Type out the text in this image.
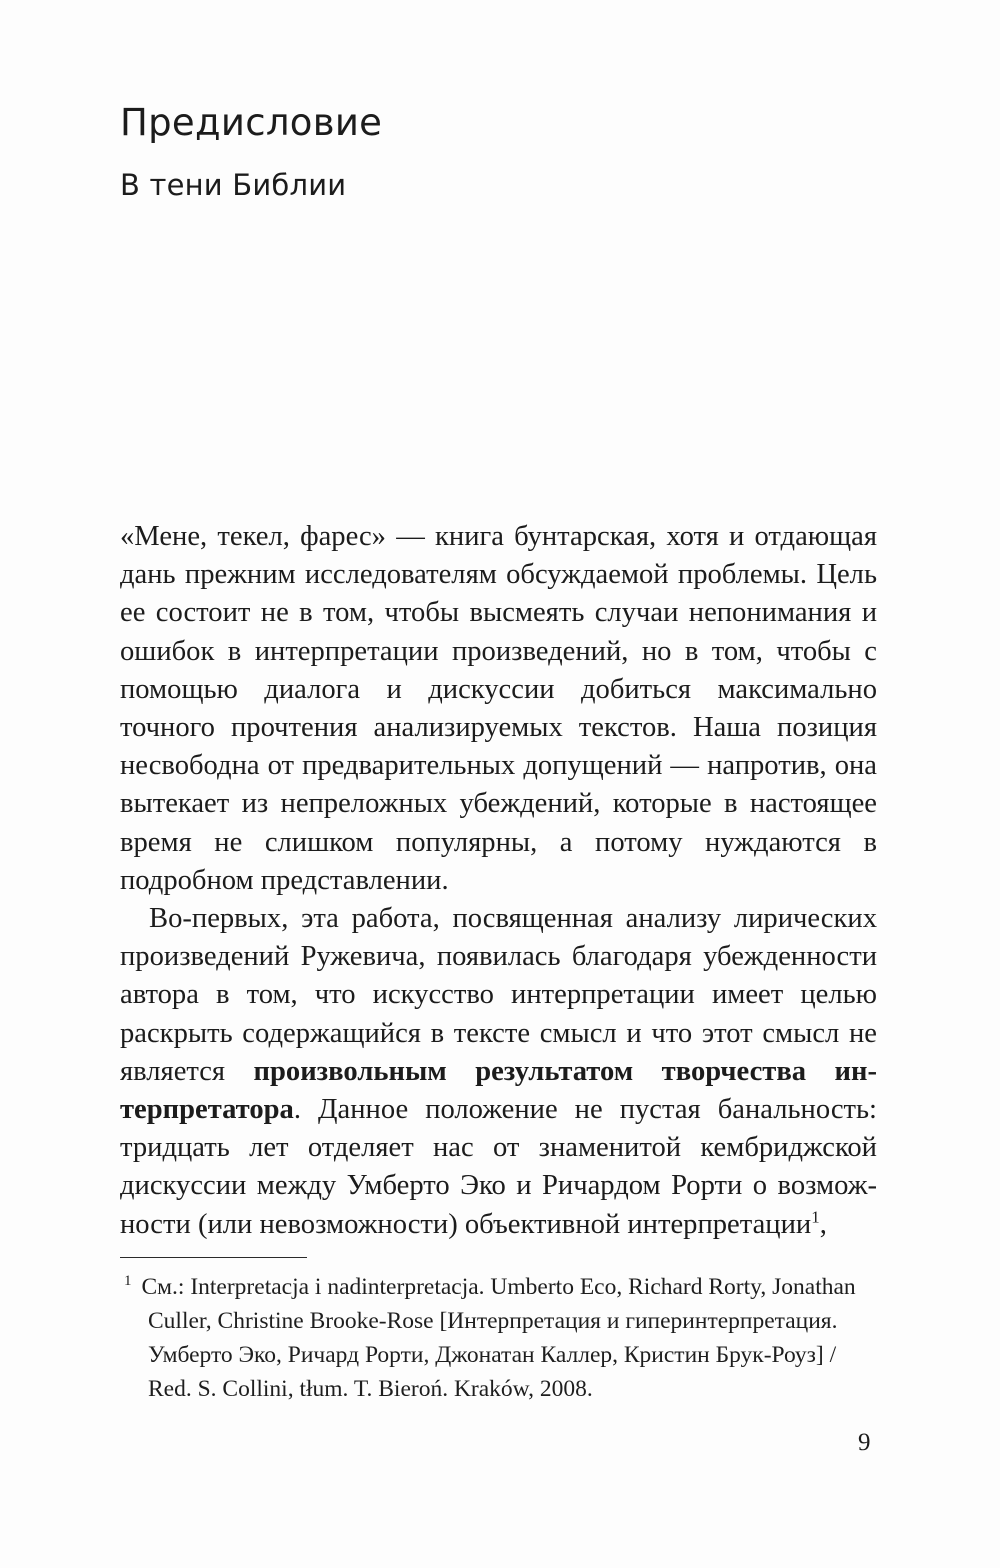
Предисловие
В тени Библии

«Мене, текел, фарес» — книга бунтарская, хотя и отдающая дань прежним исследователям обсуждаемой проблемы. Цель ее состоит не в том, чтобы высмеять случаи непонимания и ошибок в интерпретации произведений, но в том, чтобы с помощью диалога и дискуссии добиться максимально точного прочтения анализируемых текстов. Наша позиция несвободна от предварительных допущений — напротив, она вытекает из непреложных убеждений, которые в настоящее время не слишком популярны, а потому нуждаются в подробном представлении.

Во-первых, эта работа, посвященная анализу лирических произведений Ружевича, появилась благодаря убежденности автора в том, что искусство интерпретации имеет целью раскрыть содержащийся в тексте смысл и что этот смысл не является произвольным результатом творчества интерпретатора. Данное положение не пустая банальность: тридцать лет отделяет нас от знаменитой кембриджской дискуссии между Умберто Эко и Ричардом Рорти о возможности (или невозможности) объективной интерпретации$^1$,

$^1$ См.: Interpretacja i nadinterpretacja. Umberto Eco, Richard Rorty, Jonathan
Culler, Christine Brooke-Rose [Интерпретация и гиперинтерпретация.
Умберто Эко, Ричард Рорти, Джонатан Каллер, Кристин Брук-Роуз] /
Red. S. Collini, tłum. T. Bieroń. Kraków, 2008.
9
